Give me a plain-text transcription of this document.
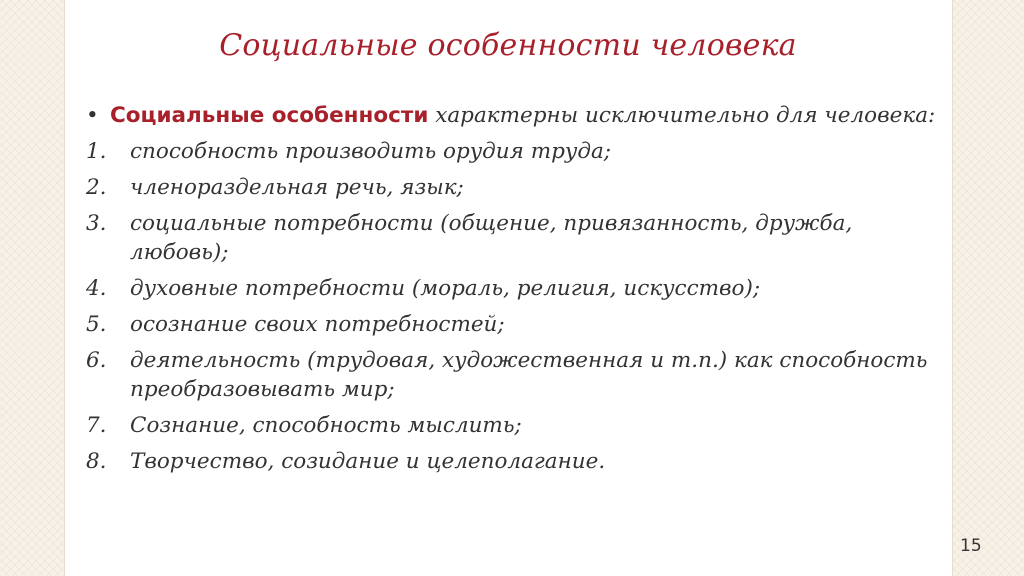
Социальные особенности человека
• Социальные особенности характерны исключительно для человека:
1. способность производить орудия труда;
2. членораздельная речь, язык;
3. социальные потребности (общение, привязанность, дружба, любовь);
4. духовные потребности (мораль, религия, искусство);
5. осознание своих потребностей;
6. деятельность (трудовая, художественная и т.п.) как способность преобразовывать мир;
7. Сознание, способность мыслить;
8. Творчество, созидание и целеполагание.
15
